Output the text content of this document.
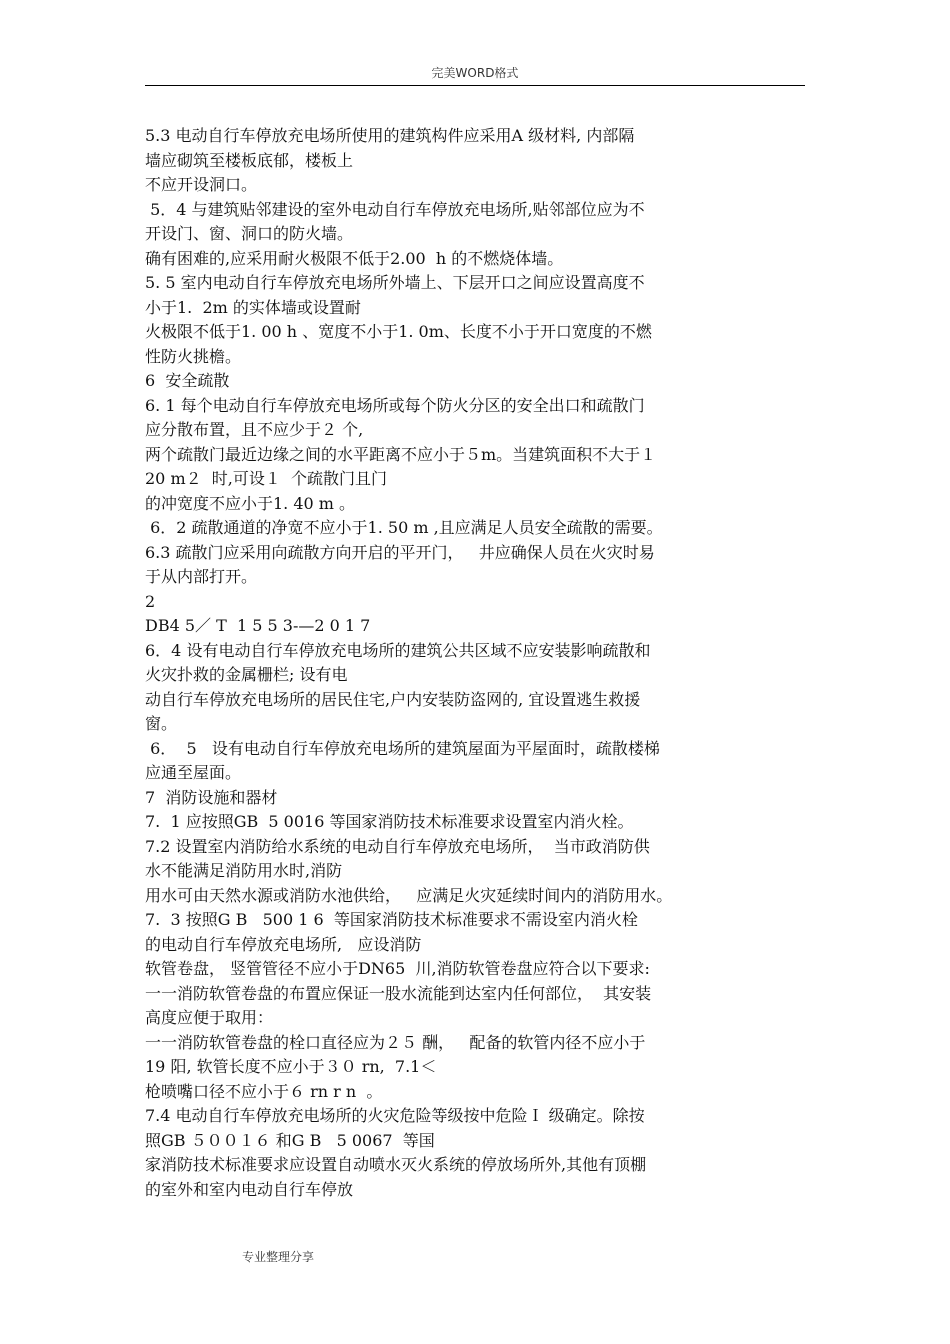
完美WORD格式
5.3 电动自行车停放充电场所使用的建筑构件应采用A 级材料, 内部隔
墙应砌筑至楼板底郁，楼板上
不应开设洞口。
5．4 与建筑贴邻建设的室外电动自行车停放充电场所,贴邻部位应为不
开设门、窗、洞口的防火墙。
确有困难的,应采用耐火极限不低于2.00  h 的不燃烧体墙。
5. 5 室内电动自行车停放充电场所外墙上、下层开口之间应设置高度不
小于1.  2m 的实体墙或设置耐
火极限不低于1. 00 h 、宽度不小于1. 0m、长度不小于开口宽度的不燃
性防火挑檐。
6  安全疏散
6. 1 每个电动自行车停放充电场所或每个防火分区的安全出口和疏散门
应分散布置，且不应少于２ 个,
两个疏散门最近边缘之间的水平距离不应小于５m。当建筑面积不大于１
20 m２  时,可设１  个疏散门且门
的冲宽度不应小于1. 40 m 。
6．2 疏散通道的净宽不应小于1. 50 m ,且应满足人员安全疏散的需要。
6.3 疏散门应采用向疏散方向开启的平开门，   井应确保人员在火灾时易
于从内部打开。
2
DB4 5／ T  1 5 5 3-—2 0 1 7
6．4 设有电动自行车停放充电场所的建筑公共区域不应安装影响疏散和
火灾扑救的金属栅栏; 设有电
动自行车停放充电场所的居民住宅,户内安装防盗网的, 宜设置逃生救援
窗。
6．  5   设有电动自行车停放充电场所的建筑屋面为平屋面时，疏散楼梯
应通至屋面。
7  消防设施和器材
7.  1 应按照GB  5 0016 等国家消防技术标准要求设置室内消火栓。
7.2 设置室内消防给水系统的电动自行车停放充电场所，  当市政消防供
水不能满足消防用水时,消防
用水可由天然水源或消防水池供给，   应满足火灾延续时间内的消防用水。
7.  3 按照G B   500 1 6  等国家消防技术标准要求不需设室内消火栓
的电动自行车停放充电场所,   应设消防
软管卷盘， 竖管管径不应小于DN65  川,消防软管卷盘应符合以下要求:
一一消防软管卷盘的布置应保证一股水流能到达室内任何部位，  其安装
高度应便于取用：
一一消防软管卷盘的栓口直径应为２５ 酬，   配备的软管内径不应小于
19 阳, 软管长度不应小于３０ rn,  7.1＜
枪喷嘴口径不应小于６ rn r n  。
7.4 电动自行车停放充电场所的火灾危险等级按中危险Ｉ 级确定。除按
照GB ５００１６ 和G B   5 0067  等国
家消防技术标准要求应设置自动喷水灭火系统的停放场所外,其他有顶棚
的室外和室内电动自行车停放
专业整理分享
